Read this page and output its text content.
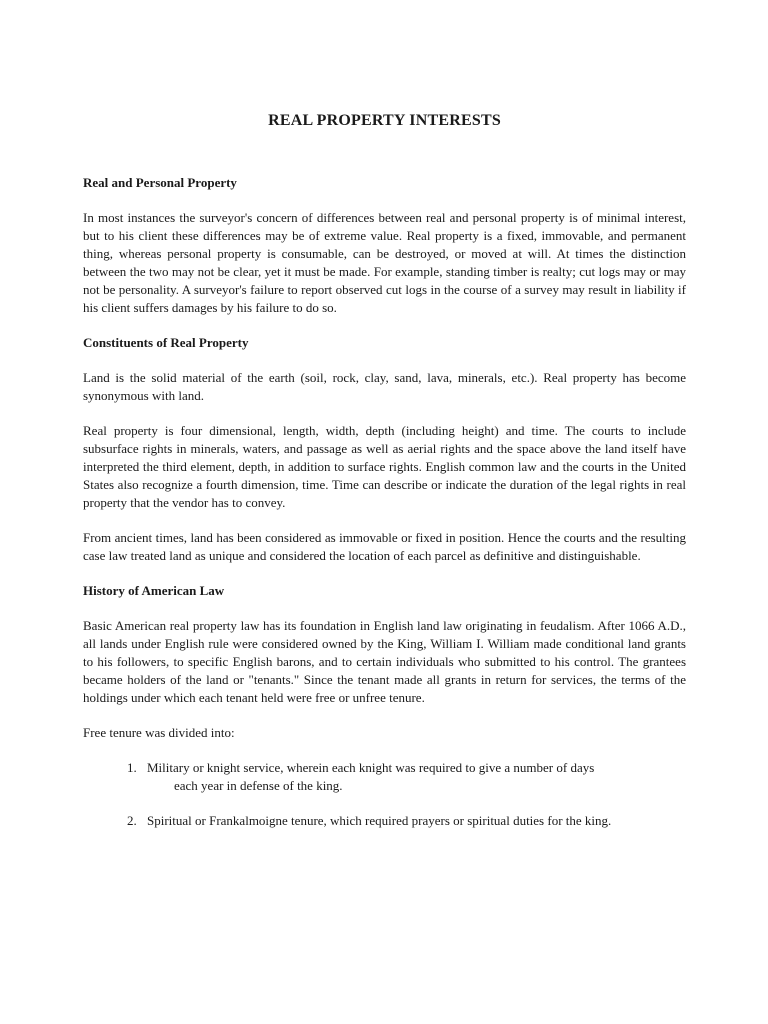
REAL PROPERTY INTERESTS
Real and Personal Property

In most instances the surveyor's concern of differences between real and personal property is of minimal interest, but to his client these differences may be of extreme value. Real property is a fixed, immovable, and permanent thing, whereas personal property is consumable, can be destroyed, or moved at will. At times the distinction between the two may not be clear, yet it must be made. For example, standing timber is realty; cut logs may or may not be personality. A surveyor's failure to report observed cut logs in the course of a survey may result in liability if his client suffers damages by his failure to do so.

Constituents of Real Property

Land is the solid material of the earth (soil, rock, clay, sand, lava, minerals, etc.). Real property has become synonymous with land.

Real property is four dimensional, length, width, depth (including height) and time. The courts to include subsurface rights in minerals, waters, and passage as well as aerial rights and the space above the land itself have interpreted the third element, depth, in addition to surface rights. English common law and the courts in the United States also recognize a fourth dimension, time. Time can describe or indicate the duration of the legal rights in real property that the vendor has to convey.

From ancient times, land has been considered as immovable or fixed in position. Hence the courts and the resulting case law treated land as unique and considered the location of each parcel as definitive and distinguishable.

History of American Law

Basic American real property law has its foundation in English land law originating in feudalism. After 1066 A.D., all lands under English rule were considered owned by the King, William I. William made conditional land grants to his followers, to specific English barons, and to certain individuals who submitted to his control. The grantees became holders of the land or "tenants." Since the tenant made all grants in return for services, the terms of the holdings under which each tenant held were free or unfree tenure.

Free tenure was divided into:

1. Military or knight service, wherein each knight was required to give a number of days
each year in defense of the king.
2. Spiritual or Frankalmoigne tenure, which required prayers or spiritual duties for the king.
